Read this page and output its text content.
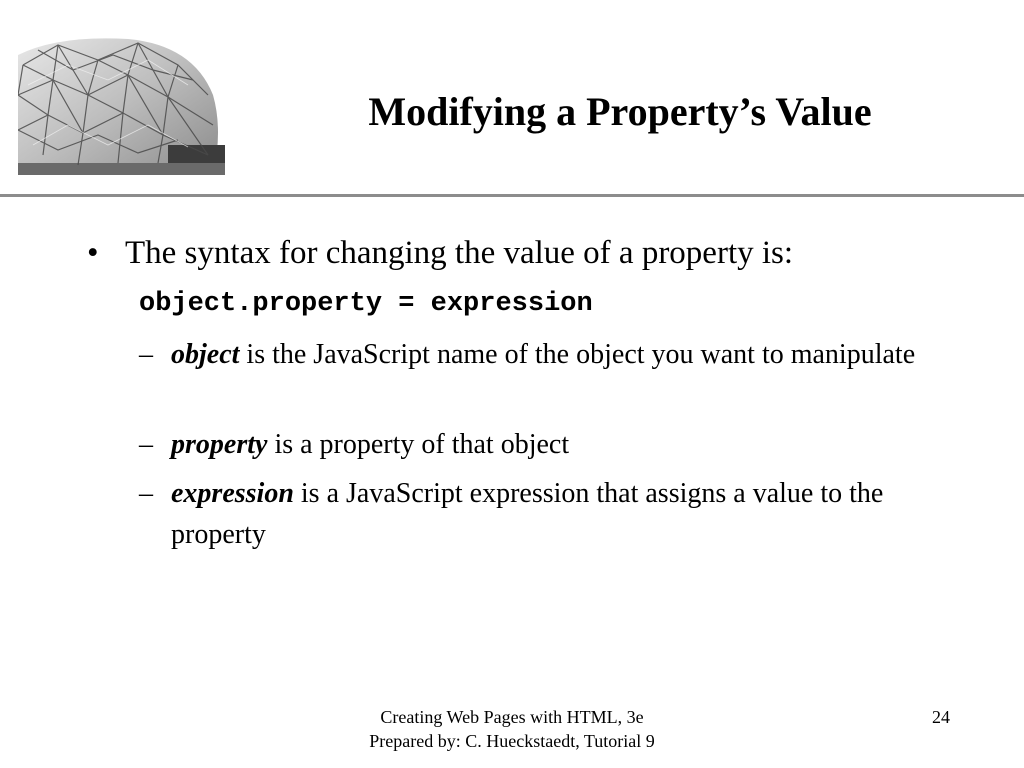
Modifying a Property’s Value
• The syntax for changing the value of a property is:
object.property = expression
– object is the JavaScript name of the object you want to manipulate
– property is a property of that object
– expression is a JavaScript expression that assigns a value to the property
Creating Web Pages with HTML, 3e
Prepared by: C. Hueckstaedt, Tutorial 9
24
